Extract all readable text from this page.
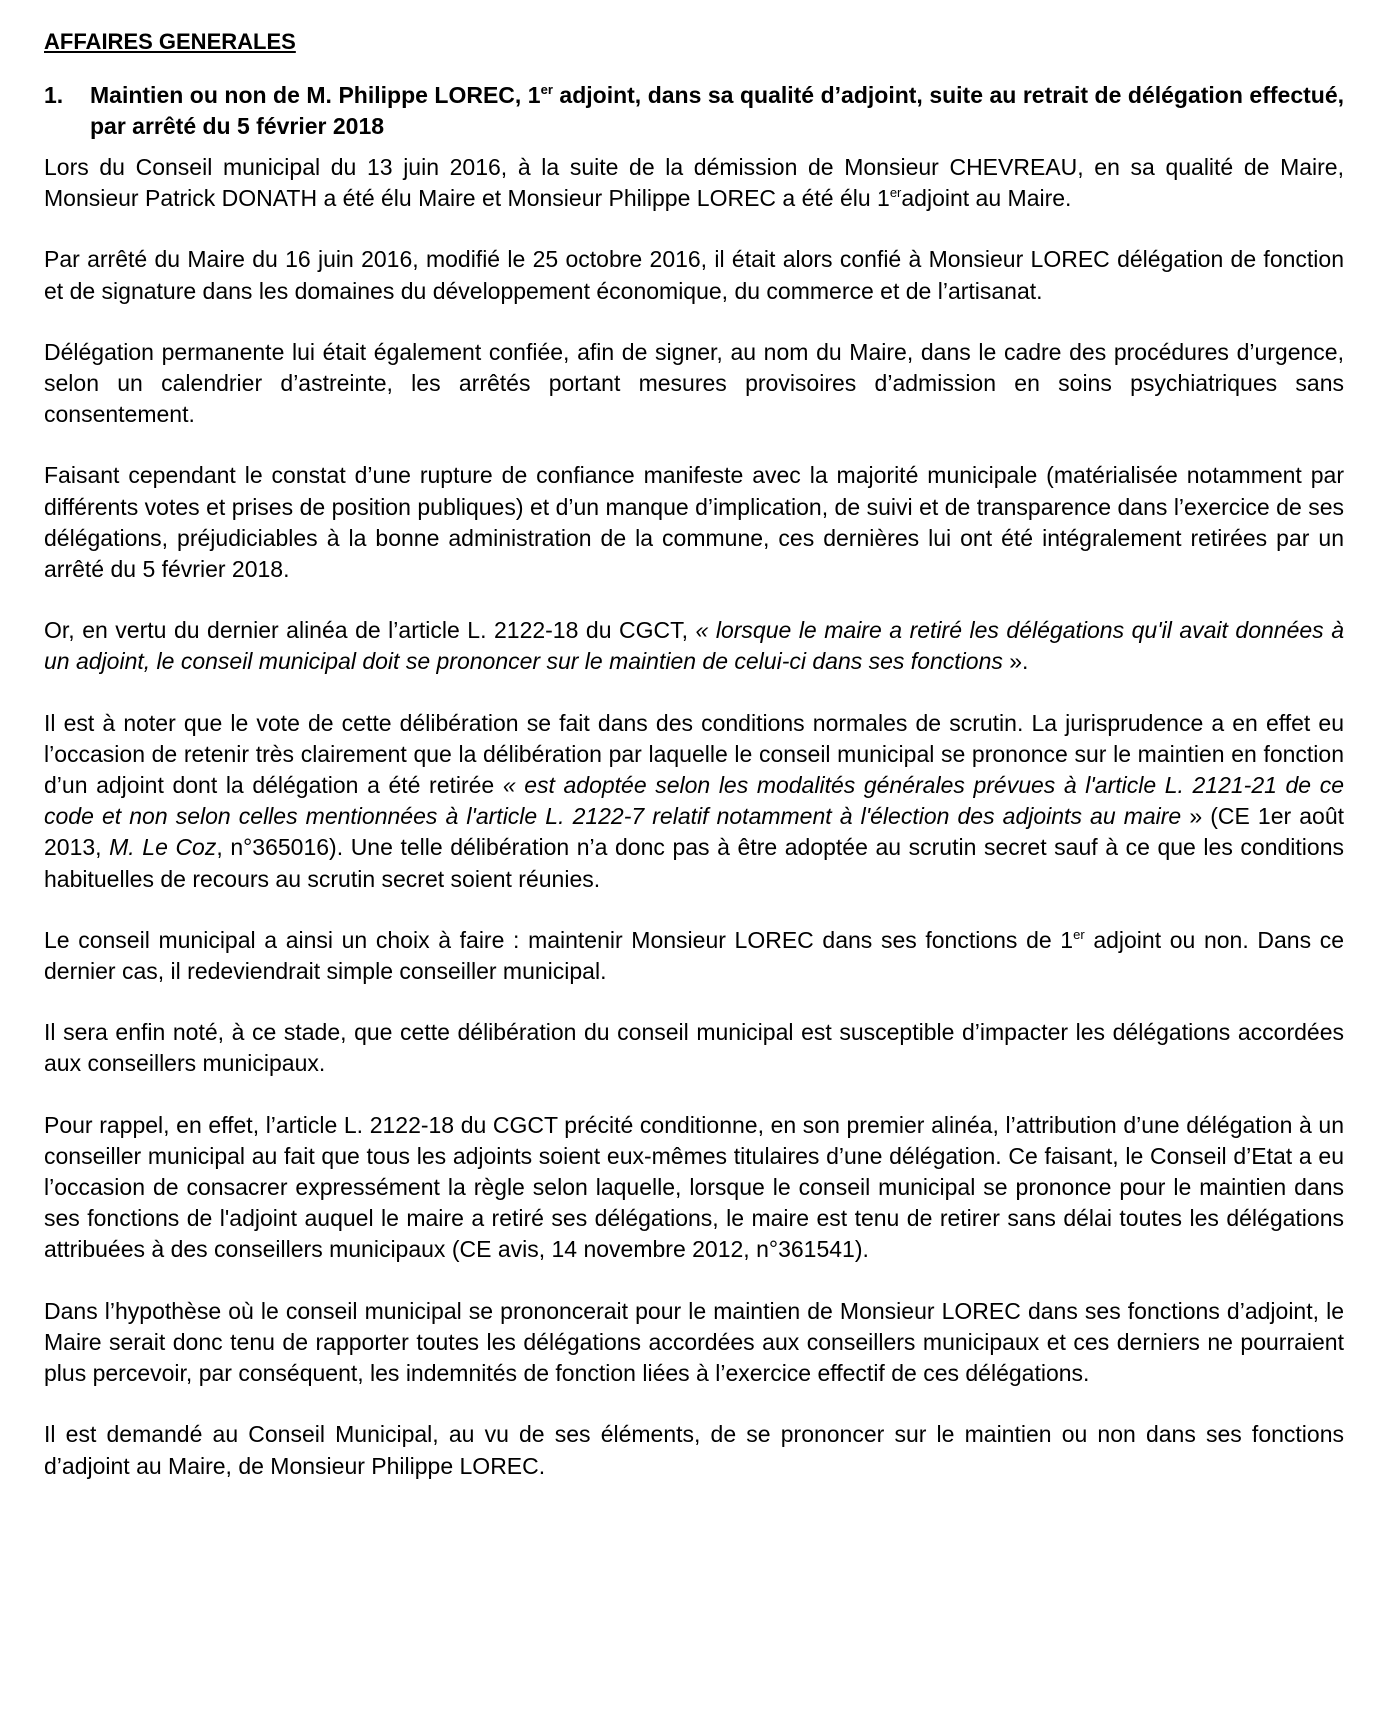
AFFAIRES GENERALES
1.	Maintien ou non de M. Philippe LOREC, 1er adjoint, dans sa qualité d’adjoint, suite au retrait de délégation effectué, par arrêté du 5 février 2018

Lors du Conseil municipal du 13 juin 2016, à la suite de la démission de Monsieur CHEVREAU, en sa qualité de Maire, Monsieur Patrick DONATH a été élu Maire et Monsieur Philippe LOREC a été élu 1eradjoint au Maire.

Par arrêté du Maire du 16 juin 2016, modifié le 25 octobre 2016, il était alors confié à Monsieur LOREC délégation de fonction et de signature dans les domaines du développement économique, du commerce et de l’artisanat.

Délégation permanente lui était également confiée, afin de signer, au nom du Maire, dans le cadre des procédures d’urgence, selon un calendrier d’astreinte, les arrêtés portant mesures provisoires d’admission en soins psychiatriques sans consentement.

Faisant cependant le constat d’une rupture de confiance manifeste avec la majorité municipale (matérialisée notamment par différents votes et prises de position publiques) et d’un manque d’implication, de suivi et de transparence dans l’exercice de ses délégations, préjudiciables à la bonne administration de la commune, ces dernières lui ont été intégralement retirées par un arrêté du 5 février 2018.

Or, en vertu du dernier alinéa de l’article L. 2122-18 du CGCT, « lorsque le maire a retiré les délégations qu'il avait données à un adjoint, le conseil municipal doit se prononcer sur le maintien de celui-ci dans ses fonctions ».

Il est à noter que le vote de cette délibération se fait dans des conditions normales de scrutin. La jurisprudence a en effet eu l’occasion de retenir très clairement que la délibération par laquelle le conseil municipal se prononce sur le maintien en fonction d’un adjoint dont la délégation a été retirée « est adoptée selon les modalités générales prévues à l'article L. 2121-21 de ce code et non selon celles mentionnées à l'article L. 2122-7 relatif notamment à l'élection des adjoints au maire » (CE 1er août 2013, M. Le Coz, n°365016). Une telle délibération n’a donc pas à être adoptée au scrutin secret sauf à ce que les conditions habituelles de recours au scrutin secret soient réunies.

Le conseil municipal a ainsi un choix à faire : maintenir Monsieur LOREC dans ses fonctions de 1er adjoint ou non. Dans ce dernier cas, il redeviendrait simple conseiller municipal.

Il sera enfin noté, à ce stade, que cette délibération du conseil municipal est susceptible d’impacter les délégations accordées aux conseillers municipaux.

Pour rappel, en effet, l’article L. 2122-18 du CGCT précité conditionne, en son premier alinéa, l’attribution d’une délégation à un conseiller municipal au fait que tous les adjoints soient eux-mêmes titulaires d’une délégation. Ce faisant, le Conseil d’Etat a eu l’occasion de consacrer expressément la règle selon laquelle, lorsque le conseil municipal se prononce pour le maintien dans ses fonctions de l'adjoint auquel le maire a retiré ses délégations, le maire est tenu de retirer sans délai toutes les délégations attribuées à des conseillers municipaux (CE avis, 14 novembre 2012, n°361541).

Dans l’hypothèse où le conseil municipal se prononcerait pour le maintien de Monsieur LOREC dans ses fonctions d’adjoint, le Maire serait donc tenu de rapporter toutes les délégations accordées aux conseillers municipaux et ces derniers ne pourraient plus percevoir, par conséquent, les indemnités de fonction liées à l’exercice effectif de ces délégations.

Il est demandé au Conseil Municipal, au vu de ses éléments, de se prononcer sur le maintien ou non dans ses fonctions d’adjoint au Maire, de Monsieur Philippe LOREC.
